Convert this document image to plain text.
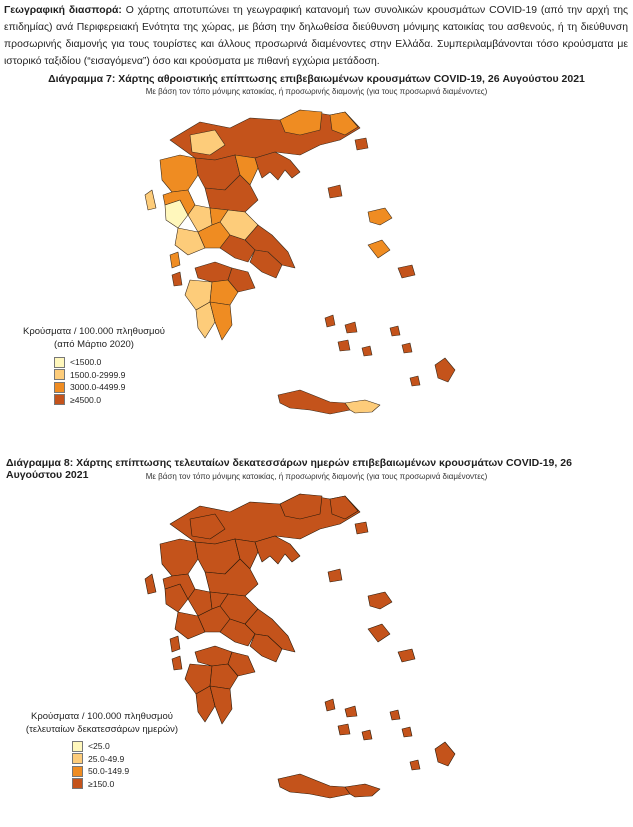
Γεωγραφική διασπορά: Ο χάρτης αποτυπώνει τη γεωγραφική κατανομή των συνολικών κρουσμάτων COVID-19 (από την αρχή της επιδημίας) ανά Περιφερειακή Ενότητα της χώρας, με βάση την δηλωθείσα διεύθυνση μόνιμης κατοικίας του ασθενούς, ή τη διεύθυνση προσωρινής διαμονής για τους τουρίστες και άλλους προσωρινά διαμένοντες στην Ελλάδα. Συμπεριλαμβάνονται τόσο κρούσματα με ιστορικό ταξιδίου (“εισαγόμενα”) όσο και κρούσματα με πιθανή εγχώρια μετάδοση.
Διάγραμμα 7: Χάρτης αθροιστικής επίπτωσης επιβεβαιωμένων κρουσμάτων COVID-19, 26 Αυγούστου 2021
Με βάση τον τόπο μόνιμης κατοικίας, ή προσωρινής διαμονής (για τους προσωρινά διαμένοντες)
Κρούσματα / 100.000 πληθυσμού
(από Μάρτιο 2020)
<1500.0
1500.0-2999.9
3000.0-4499.9
≥4500.0
Διάγραμμα 8: Χάρτης επίπτωσης τελευταίων δεκατεσσάρων ημερών επιβεβαιωμένων κρουσμάτων COVID-19, 26 Αυγούστου 2021	Με βάση τον τόπο μόνιμης κατοικίας, ή προσωρινής διαμονής (για τους προσωρινά διαμένοντες)
Κρούσματα / 100.000 πληθυσμού
(τελευταίων δεκατεσσάρων ημερών)
<25.0
25.0-49.9
50.0-149.9
≥150.0
